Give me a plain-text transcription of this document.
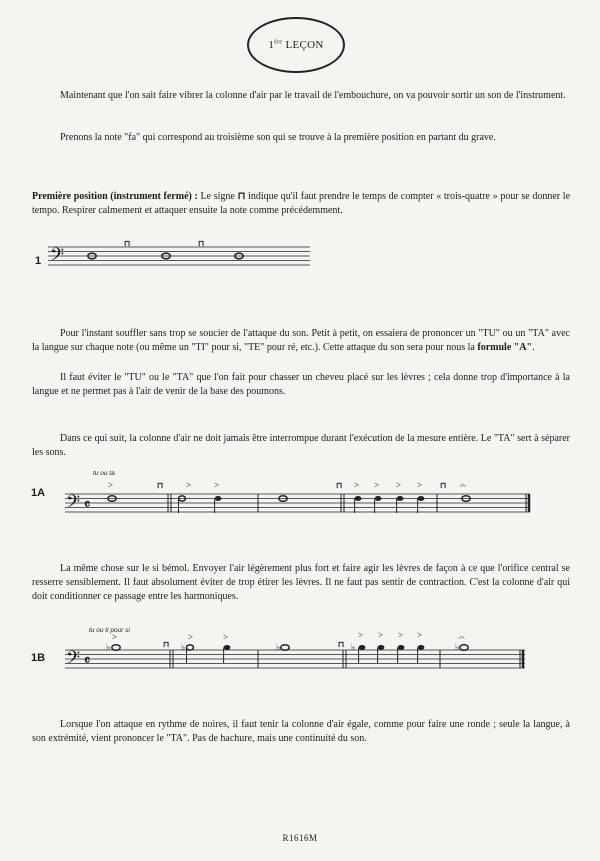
1ère LEÇON

Maintenant que l'on sait faire vibrer la colonne d'air par le travail de l'embouchure, on va pouvoir sortir un son de l'instrument.

Prenons la note "fa" qui correspond au troisième son qui se trouve à la première position en partant du grave.

Première position (instrument fermé) : Le signe ⊓ indique qu'il faut prendre le temps de compter « trois-quatre » pour se donner le tempo. Respirer calmement et attaquer ensuite la note comme précédemment.

1 𝄢
⊓	⊓

Pour l'instant souffler sans trop se soucier de l'attaque du son. Petit à petit, on essaiera de prononcer un "TU" ou un "TA" avec la langue sur chaque note (ou même un "TI" pour si, "TE" pour ré, etc.). Cette attaque du son sera pour nous la formule "A".

Il faut éviter le "TU" ou le "TA" que l'on fait pour chasser un cheveu placé sur les lèvres ; cela donne trop d'importance à la langue et ne permet pas à l'air de venir de la base des poumons.

Dans ce qui suit, la colonne d'air ne doit jamais être interrompue durant l'exécution de la mesure entière. Le "TA" sert à séparer les sons.

tu ou ta
1A 𝄢 𝄴
>	>	>	> > > >
⊓	⊓	⊓ 𝄐

La même chose sur le si bémol. Envoyer l'air légèrement plus fort et faire agir les lèvres de façon à ce que l'orifice central se resserre sensiblement. Il faut absolument éviter de trop étirer les lèvres. Il ne faut pas sentir de contraction. C'est la colonne d'air qui doit conditionner ce passage entre les harmoniques.

tu ou ti pour si
1B 𝄢 𝄴
♭	♭	♭	♭	♭
>	>	>	> > > >
⊓	⊓
𝄐

Lorsque l'on attaque en rythme de noires, il faut tenir la colonne d'air égale, comme pour faire une ronde ; seule la langue, à son extrémité, vient prononcer le "TA". Pas de hachure, mais une continuité du son.

R1616M
